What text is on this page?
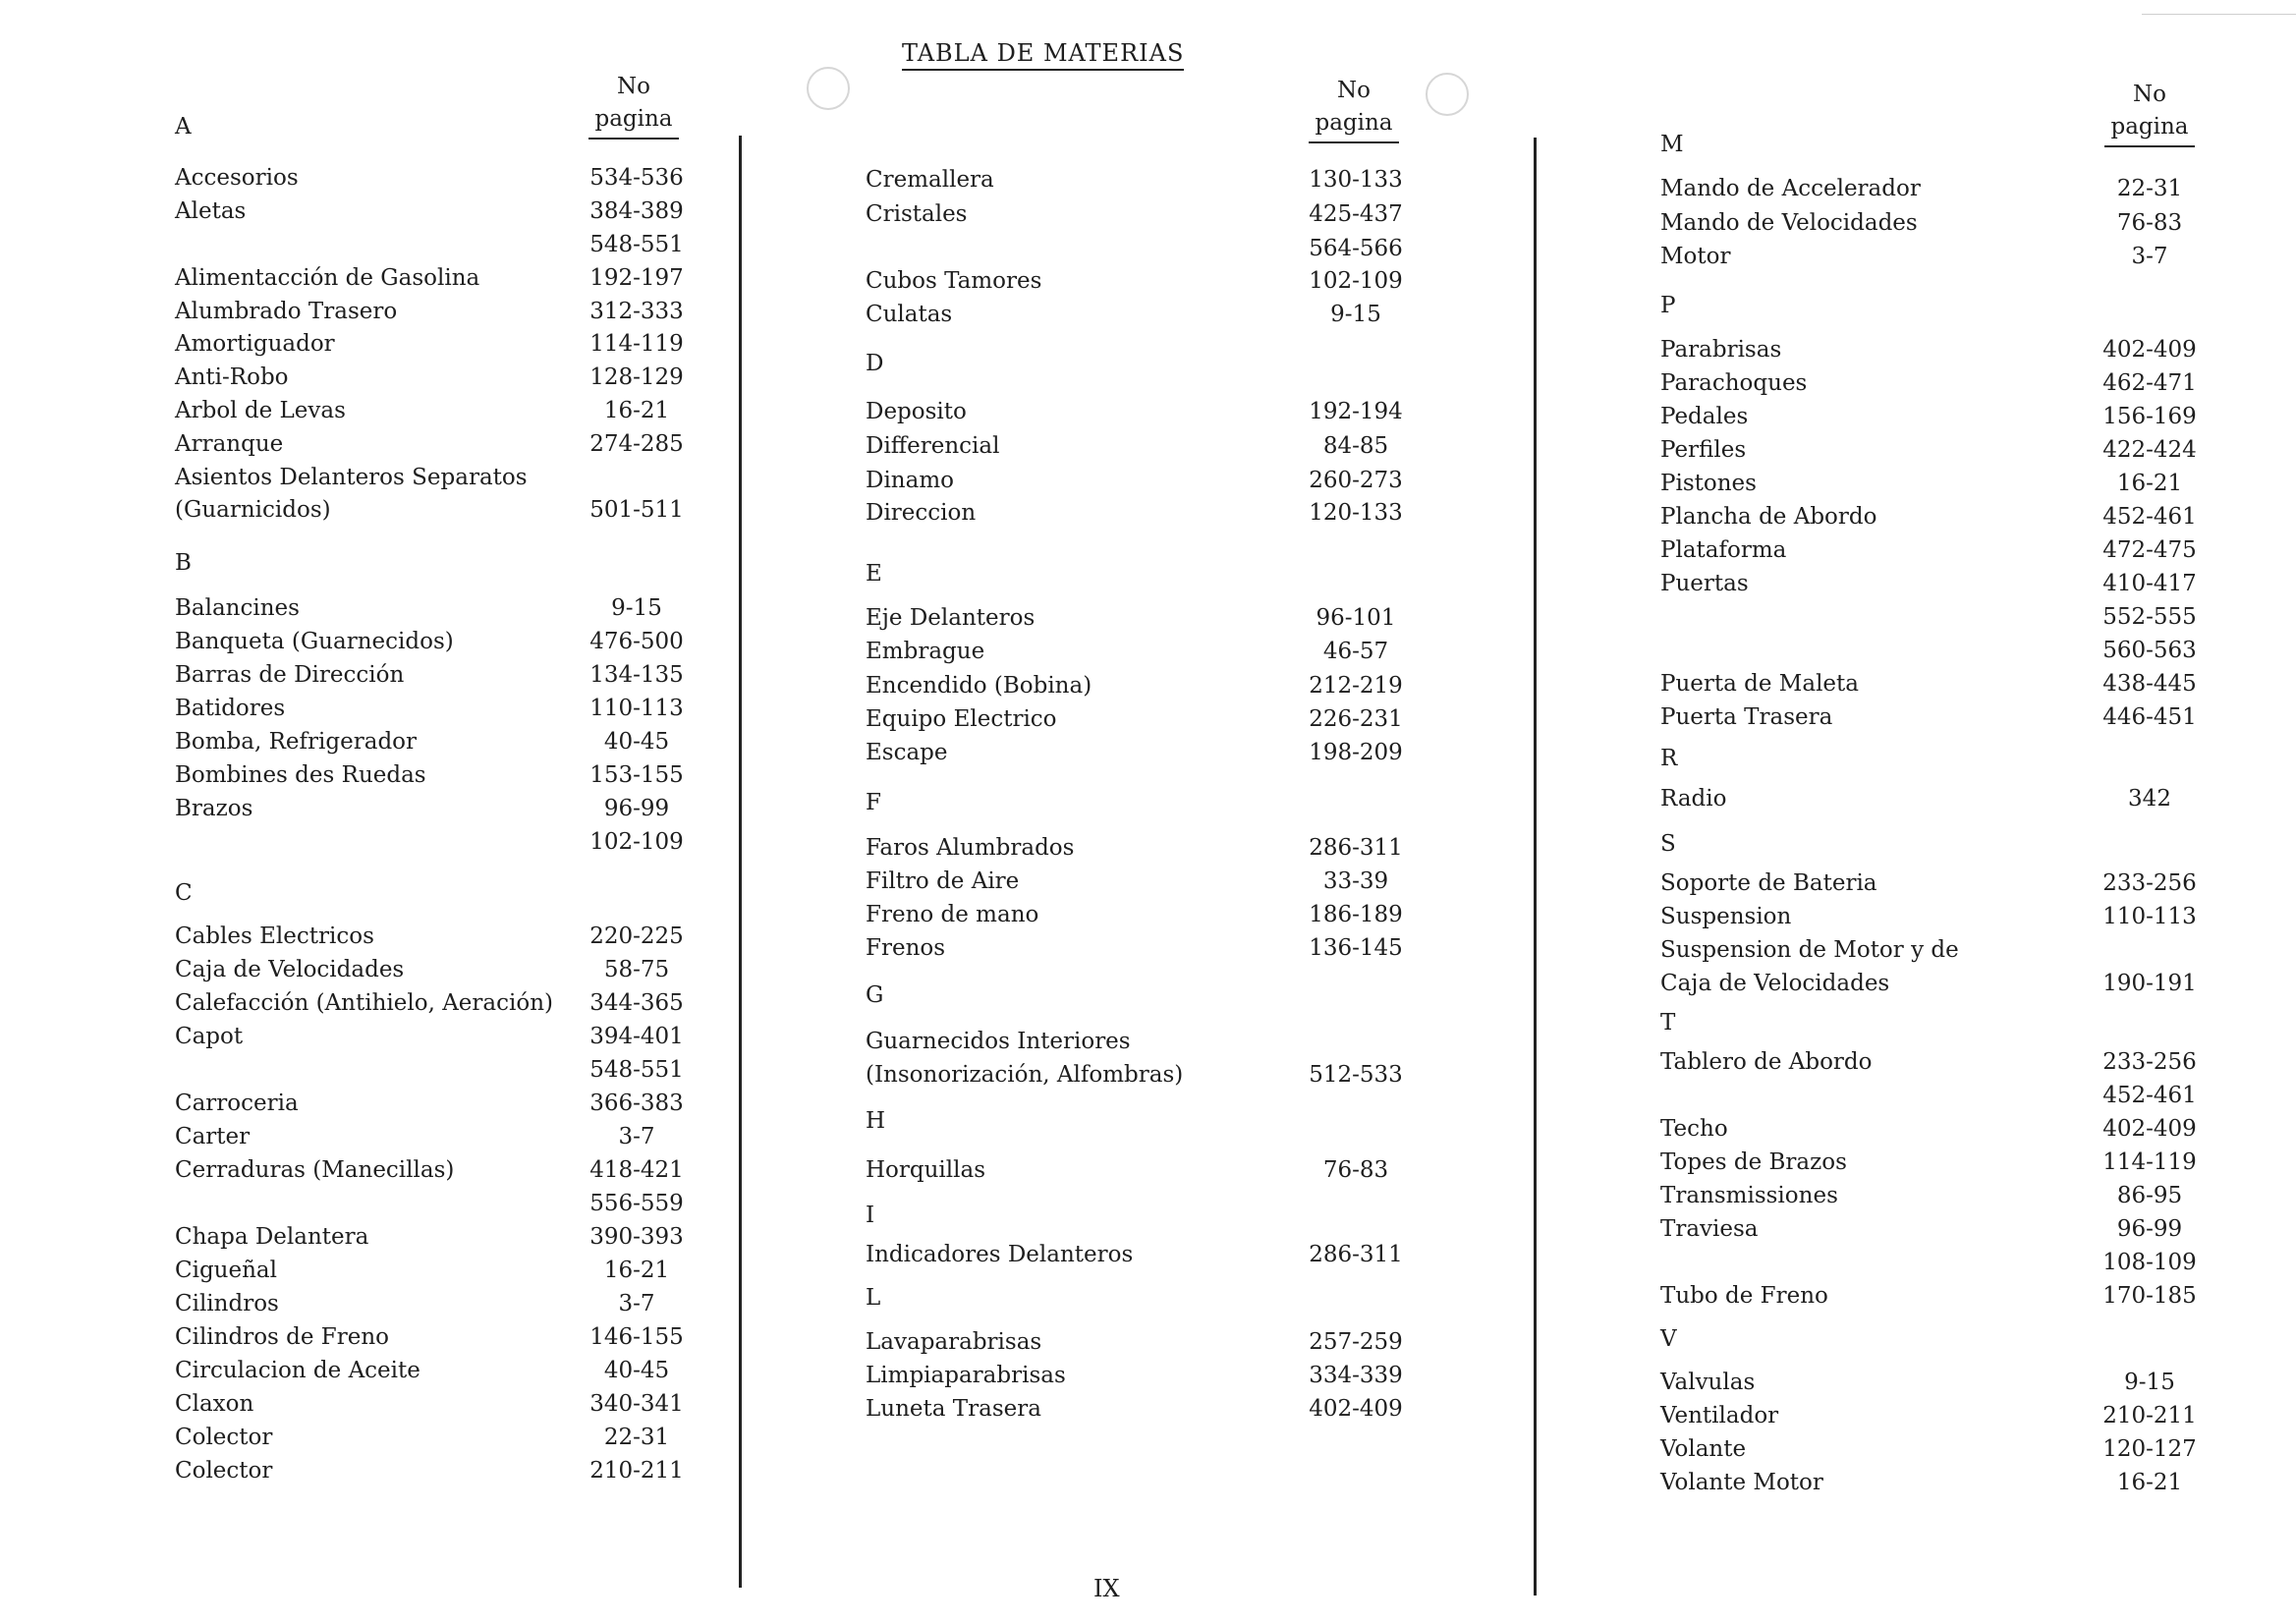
TABLA DE MATERIAS
No
pagina
A
Accesorios	534-536
Aletas	384-389
548-551
Alimentacción de Gasolina	192-197
Alumbrado Trasero	312-333
Amortiguador	114-119
Anti-Robo	128-129
Arbol de Levas	16-21
Arranque	274-285
Asientos Delanteros Separatos
(Guarnicidos)	501-511
B
Balancines	9-15
Banqueta (Guarnecidos)	476-500
Barras de Dirección	134-135
Batidores	110-113
Bomba, Refrigerador	40-45
Bombines des Ruedas	153-155
Brazos	96-99
102-109
C
Cables Electricos	220-225
Caja de Velocidades	58-75
Calefacción (Antihielo, Aeración)	344-365
Capot	394-401
548-551
Carroceria	366-383
Carter	3-7
Cerraduras (Manecillas)	418-421
556-559
Chapa Delantera	390-393
Cigueñal	16-21
Cilindros	3-7
Cilindros de Freno	146-155
Circulacion de Aceite	40-45
Claxon	340-341
Colector	22-31
Colector	210-211
No
pagina
Cremallera	130-133
Cristales	425-437
564-566
Cubos Tamores	102-109
Culatas	9-15
D
Deposito	192-194
Differencial	84-85
Dinamo	260-273
Direccion	120-133
E
Eje Delanteros	96-101
Embrague	46-57
Encendido (Bobina)	212-219
Equipo Electrico	226-231
Escape	198-209
F
Faros Alumbrados	286-311
Filtro de Aire	33-39
Freno de mano	186-189
Frenos	136-145
G
Guarnecidos Interiores
(Insonorización, Alfombras)	512-533
H
Horquillas	76-83
I
Indicadores Delanteros	286-311
L
Lavaparabrisas	257-259
Limpiaparabrisas	334-339
Luneta Trasera	402-409
No
pagina
M
Mando de Accelerador	22-31
Mando de Velocidades	76-83
Motor	3-7
P
Parabrisas	402-409
Parachoques	462-471
Pedales	156-169
Perfiles	422-424
Pistones	16-21
Plancha de Abordo	452-461
Plataforma	472-475
Puertas	410-417
552-555
560-563
Puerta de Maleta	438-445
Puerta Trasera	446-451
R
Radio	342
S
Soporte de Bateria	233-256
Suspension	110-113
Suspension de Motor y de
Caja de Velocidades	190-191
T
Tablero de Abordo	233-256
452-461
Techo	402-409
Topes de Brazos	114-119
Transmissiones	86-95
Traviesa	96-99
108-109
Tubo de Freno	170-185
V
Valvulas	9-15
Ventilador	210-211
Volante	120-127
Volante Motor	16-21
IX
